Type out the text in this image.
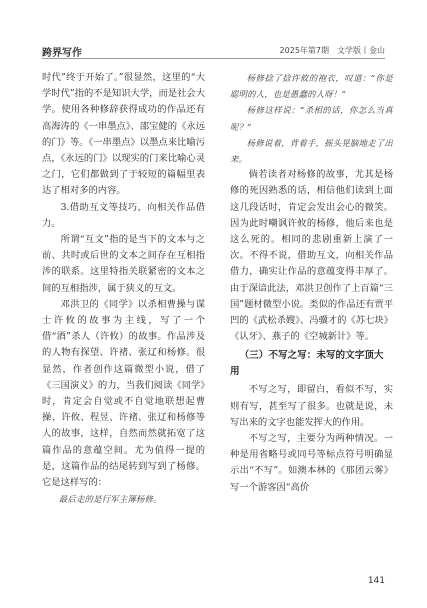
跨界写作	2025年第7期　文学版丨金山

时代”终于开始了。”很显然，这里的“大学时代”指的不是知识大学，而是社会大学。使用各种修辞获得成功的作品还有高海涛的《一串墨点》、邵宝健的《永远的门》等。《一串墨点》以墨点来比喻污点，《永远的门》以现实的门来比喻心灵之门，它们都做到了于较短的篇幅里表达了相对多的内容。

3.借助互文等技巧，向相关作品借力。

所谓“互文”指的是当下的文本与之前、共时或后世的文本之间存在互相指涉的联系。这里特指关联紧密的文本之间的互相指涉，属于狭义的互文。

邓洪卫的《同学》以杀相曹操与谋士许攸的故事为主线，写了一个借“酒”杀人（许攸）的故事。作品涉及的人物有探望、许褚、张辽和杨修。很显然，作者创作这篇微型小说，借了《三国演义》的力，当我们阅读《同学》时，肯定会自觉或不自觉地联想起曹操、许攸、程昱、许褚、张辽和杨修等人的故事，这样，自然而然就拓宽了这篇作品的意蕴空间。尤为值得一提的是，这篇作品的结尾转到写到了杨修。它是这样写的：

最后走的是行军主簿杨修。

杨修捻了捻许攸的袍衣，叹道：“你是聪明的人，也是愚蠢的人呀！”

杨修这样说：“杀相的话，你怎么当真呢？”

杨修说着，背着手，摇头晃脑地走了出来。

倘若读者对杨修的故事，尤其是杨修的死因熟悉的话，相信他们读到上面这几段话时，肯定会发出会心的微笑。因为此时嘲讽许攸的杨修，他后来也是这么死的。相同的悲剧重新上演了一次。不得不说，借助互文，向相关作品借力，确实让作品的意蕴变得丰厚了。由于深谙此法，邓洪卫创作了上百篇“三国”题材微型小说。类似的作品还有贾平凹的《武松杀嫂》、冯骥才的《苏七块》《认牙》、燕子的《空城新计》等。

（三）不写之写：未写的文字顶大用

不写之写，即留白，看似不写，实则有写，甚至写了很多。也就是说，未写出来的文字也能发挥大的作用。

不写之写，主要分为两种情况。一种是用省略号或同号等标点符号明确显示出“不写”。如澳本林的《那团云雾》写一个游客因“高价

141
